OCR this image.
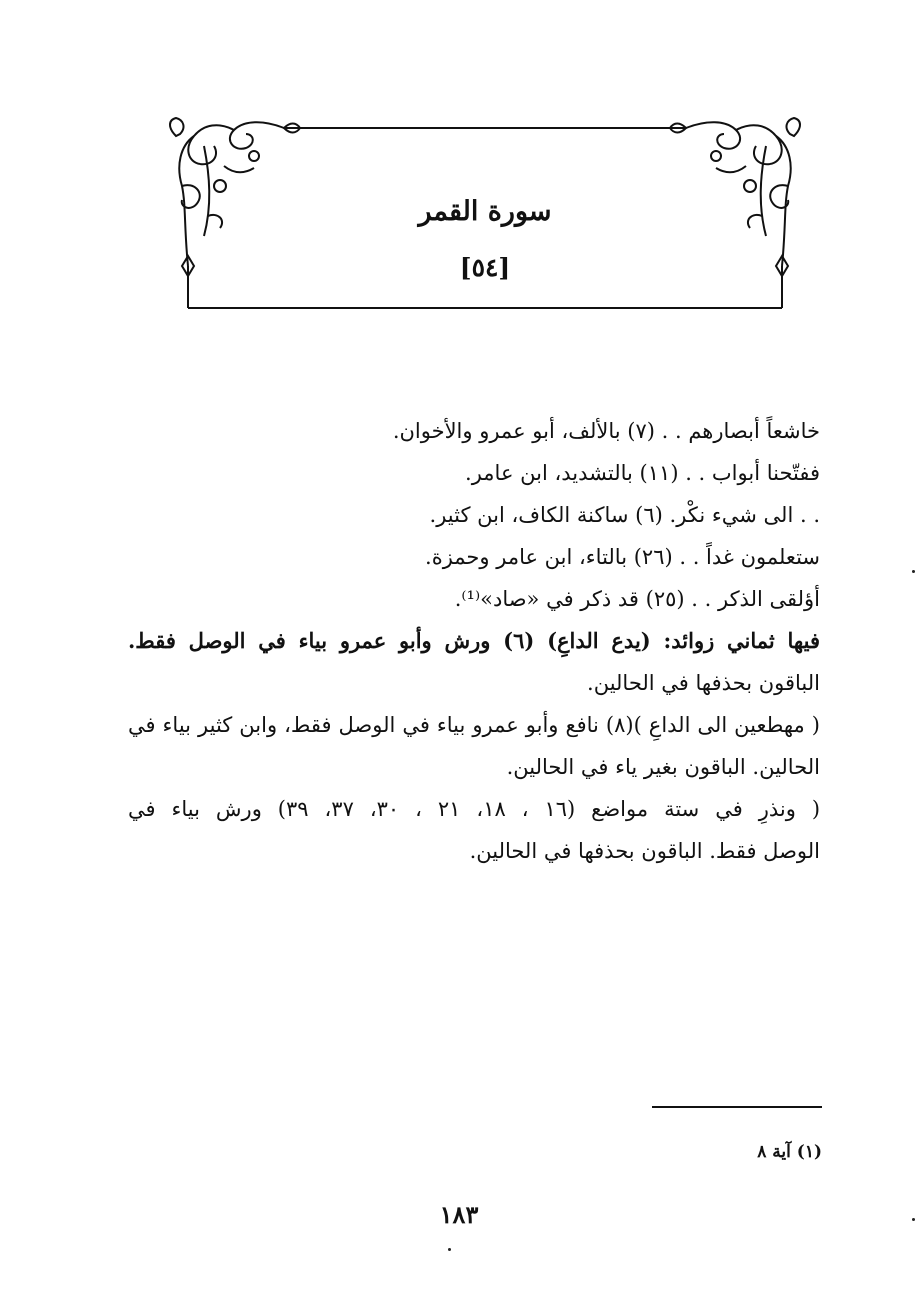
سورة القمر
[٥٤]
خاشعاً أبصارهم . . (٧) بالألف، أبو عمرو والأخوان.
ففتّحنا أبواب . . (١١) بالتشديد، ابن عامر.
. . الى شيء نكْر. (٦) ساكنة الكاف، ابن كثير.
ستعلمون غداً . . (٢٦) بالتاء، ابن عامر وحمزة.
أؤلقى الذكر . . (٢٥) قد ذكر في «صاد»⁽¹⁾.
فيها ثماني زوائد: (يدع الداعِ) (٦) ورش وأبو عمرو بياء في الوصل فقط.
الباقون بحذفها في الحالين.
( مهطعين الى الداعِ )(٨) نافع وأبو عمرو بياء في الوصل فقط، وابن كثير بياء في
الحالين. الباقون بغير ياء في الحالين.
( ونذرِ في ستة مواضع (١٦ ، ١٨، ٢١ ، ٣٠، ٣٧، ٣٩) ورش بياء في
الوصل فقط. الباقون بحذفها في الحالين.
(١) آية ٨
١٨٣
